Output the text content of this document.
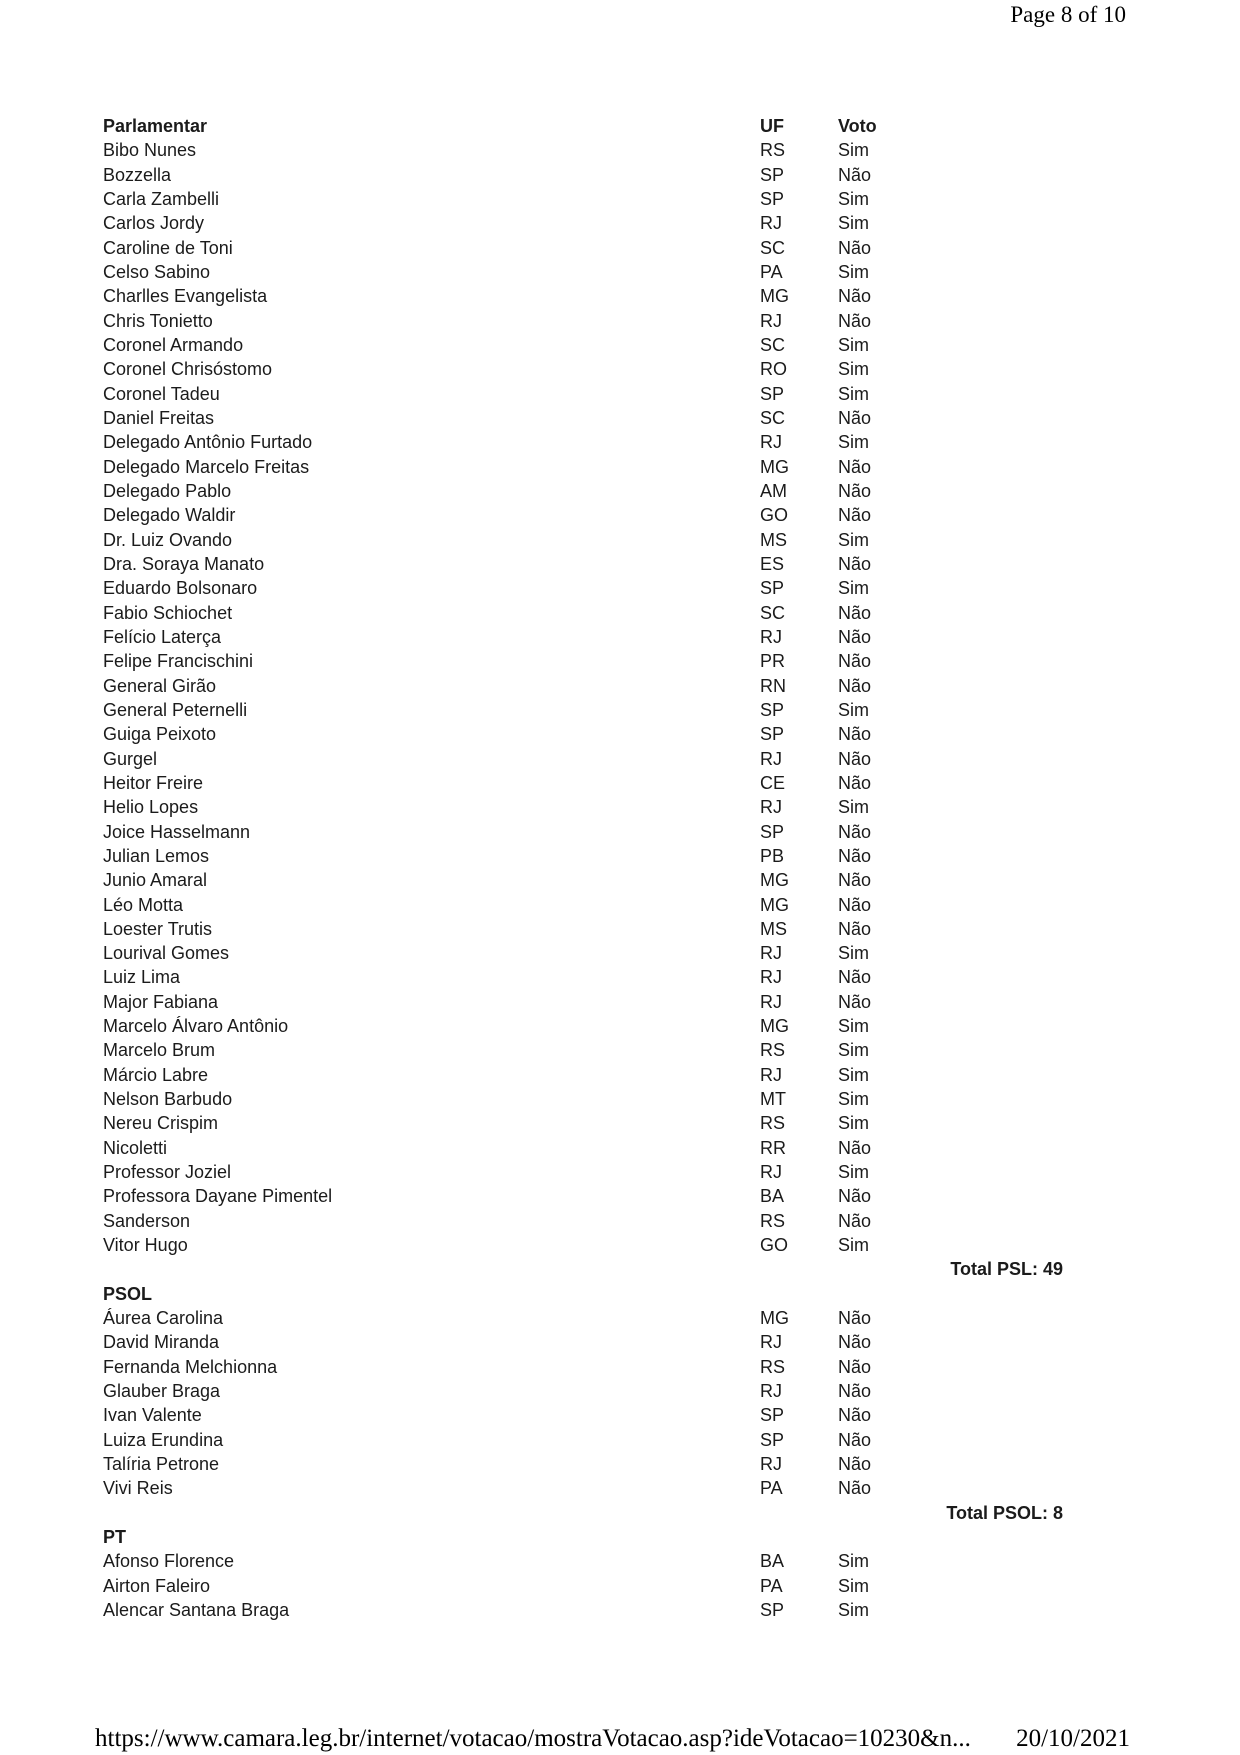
Page 8 of 10
Parlamentar	UF	Voto
Bibo Nunes	RS	Sim
Bozzella	SP	Não
Carla Zambelli	SP	Sim
Carlos Jordy	RJ	Sim
Caroline de Toni	SC	Não
Celso Sabino	PA	Sim
Charlles Evangelista	MG	Não
Chris Tonietto	RJ	Não
Coronel Armando	SC	Sim
Coronel Chrisóstomo	RO	Sim
Coronel Tadeu	SP	Sim
Daniel Freitas	SC	Não
Delegado Antônio Furtado	RJ	Sim
Delegado Marcelo Freitas	MG	Não
Delegado Pablo	AM	Não
Delegado Waldir	GO	Não
Dr. Luiz Ovando	MS	Sim
Dra. Soraya Manato	ES	Não
Eduardo Bolsonaro	SP	Sim
Fabio Schiochet	SC	Não
Felício Laterça	RJ	Não
Felipe Francischini	PR	Não
General Girão	RN	Não
General Peternelli	SP	Sim
Guiga Peixoto	SP	Não
Gurgel	RJ	Não
Heitor Freire	CE	Não
Helio Lopes	RJ	Sim
Joice Hasselmann	SP	Não
Julian Lemos	PB	Não
Junio Amaral	MG	Não
Léo Motta	MG	Não
Loester Trutis	MS	Não
Lourival Gomes	RJ	Sim
Luiz Lima	RJ	Não
Major Fabiana	RJ	Não
Marcelo Álvaro Antônio	MG	Sim
Marcelo Brum	RS	Sim
Márcio Labre	RJ	Sim
Nelson Barbudo	MT	Sim
Nereu Crispim	RS	Sim
Nicoletti	RR	Não
Professor Joziel	RJ	Sim
Professora Dayane Pimentel	BA	Não
Sanderson	RS	Não
Vitor Hugo	GO	Sim
Total PSL: 49
PSOL
Áurea Carolina	MG	Não
David Miranda	RJ	Não
Fernanda Melchionna	RS	Não
Glauber Braga	RJ	Não
Ivan Valente	SP	Não
Luiza Erundina	SP	Não
Talíria Petrone	RJ	Não
Vivi Reis	PA	Não
Total PSOL: 8
PT
Afonso Florence	BA	Sim
Airton Faleiro	PA	Sim
Alencar Santana Braga	SP	Sim
https://www.camara.leg.br/internet/votacao/mostraVotacao.asp?ideVotacao=10230&n... 20/10/2021
